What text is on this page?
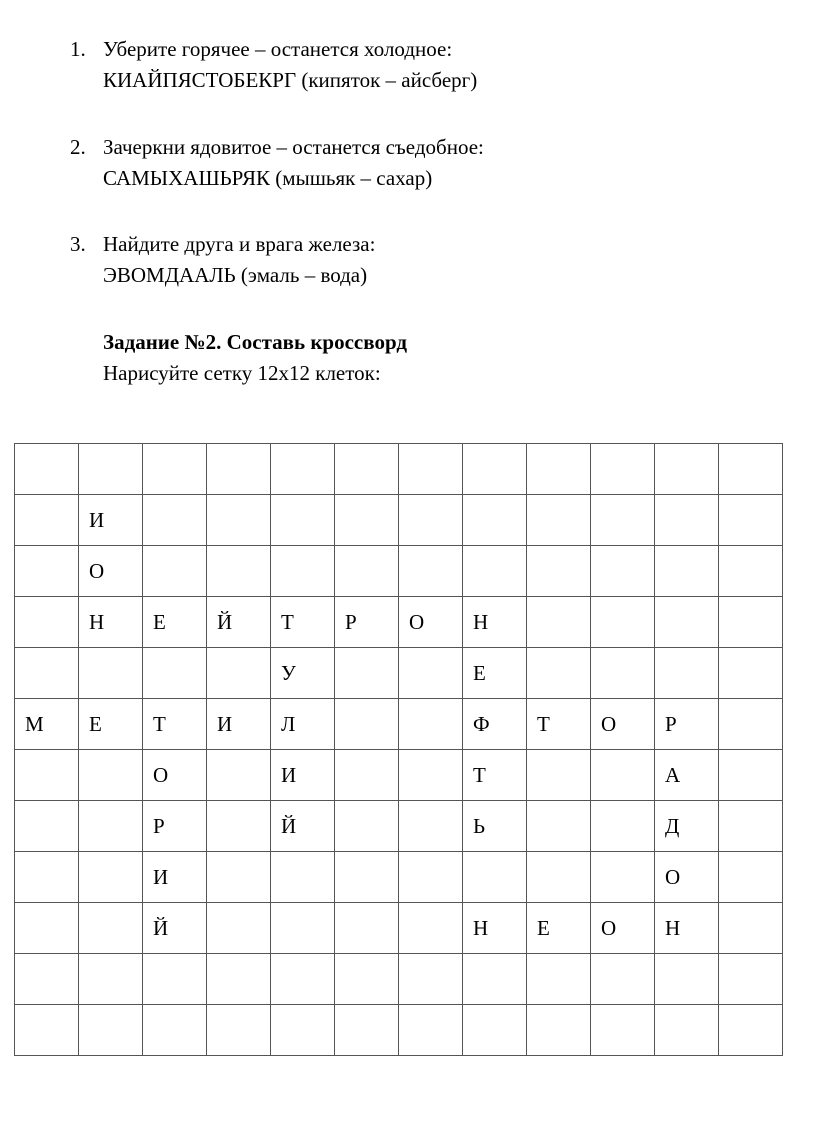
1. Уберите горячее – останется холодное:
КИАЙПЯСТОБЕКРГ (кипяток – айсберг)
2. Зачеркни ядовитое – останется съедобное:
САМЫХАШЬРЯК (мышьяк – сахар)
3. Найдите друга и врага железа:
ЭВОМДААЛЬ (эмаль – вода)
Задание №2. Составь кроссворд
Нарисуйте сетку 12х12 клеток:

	И										
	О										
	Н	Е	Й	Т	Р	О	Н				
				У			Е				
М	Е	Т	И	Л			Ф	Т	О	Р	
		О		И			Т			А	
		Р		Й			Ь			Д	
		И								О	
		Й					Н	Е	О	Н	
